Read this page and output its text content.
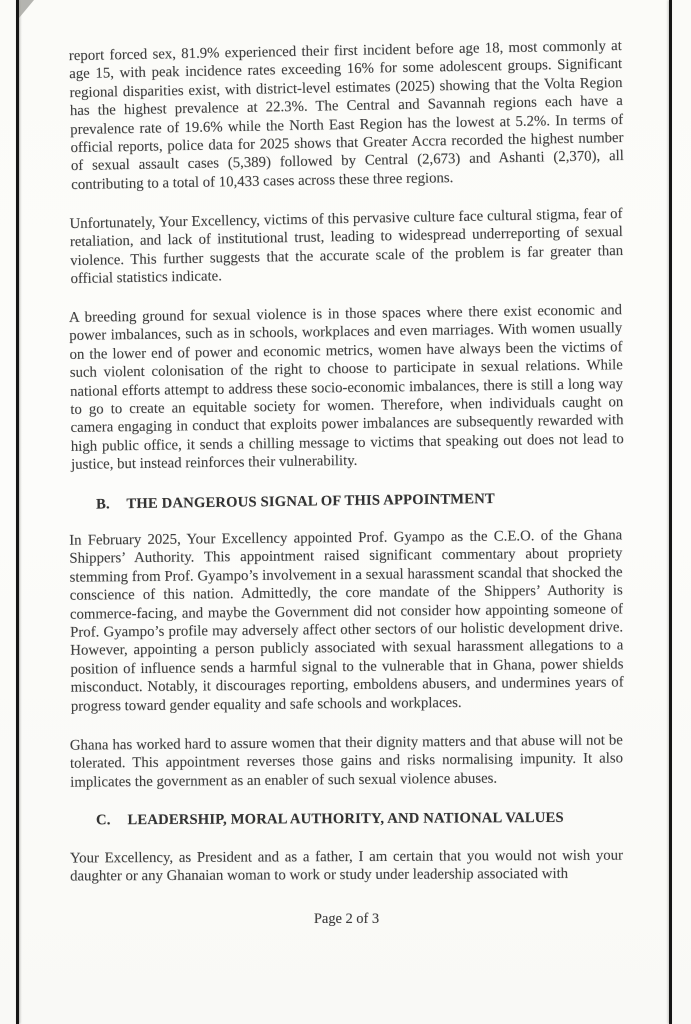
report forced sex, 81.9% experienced their first incident before age 18, most commonly at age 15, with peak incidence rates exceeding 16% for some adolescent groups. Significant regional disparities exist, with district-level estimates (2025) showing that the Volta Region has the highest prevalence at 22.3%. The Central and Savannah regions each have a prevalence rate of 19.6% while the North East Region has the lowest at 5.2%. In terms of official reports, police data for 2025 shows that Greater Accra recorded the highest number of sexual assault cases (5,389) followed by Central (2,673) and Ashanti (2,370), all contributing to a total of 10,433 cases across these three regions.

Unfortunately, Your Excellency, victims of this pervasive culture face cultural stigma, fear of retaliation, and lack of institutional trust, leading to widespread underreporting of sexual violence. This further suggests that the accurate scale of the problem is far greater than official statistics indicate.

A breeding ground for sexual violence is in those spaces where there exist economic and power imbalances, such as in schools, workplaces and even marriages. With women usually on the lower end of power and economic metrics, women have always been the victims of such violent colonisation of the right to choose to participate in sexual relations. While national efforts attempt to address these socio-economic imbalances, there is still a long way to go to create an equitable society for women. Therefore, when individuals caught on camera engaging in conduct that exploits power imbalances are subsequently rewarded with high public office, it sends a chilling message to victims that speaking out does not lead to justice, but instead reinforces their vulnerability.

B. THE DANGEROUS SIGNAL OF THIS APPOINTMENT

In February 2025, Your Excellency appointed Prof. Gyampo as the C.E.O. of the Ghana Shippers’ Authority. This appointment raised significant commentary about propriety stemming from Prof. Gyampo’s involvement in a sexual harassment scandal that shocked the conscience of this nation. Admittedly, the core mandate of the Shippers’ Authority is commerce-facing, and maybe the Government did not consider how appointing someone of Prof. Gyampo’s profile may adversely affect other sectors of our holistic development drive. However, appointing a person publicly associated with sexual harassment allegations to a position of influence sends a harmful signal to the vulnerable that in Ghana, power shields misconduct. Notably, it discourages reporting, emboldens abusers, and undermines years of progress toward gender equality and safe schools and workplaces.

Ghana has worked hard to assure women that their dignity matters and that abuse will not be tolerated. This appointment reverses those gains and risks normalising impunity. It also implicates the government as an enabler of such sexual violence abuses.

C. LEADERSHIP, MORAL AUTHORITY, AND NATIONAL VALUES

Your Excellency, as President and as a father, I am certain that you would not wish your daughter or any Ghanaian woman to work or study under leadership associated with

Page 2 of 3
